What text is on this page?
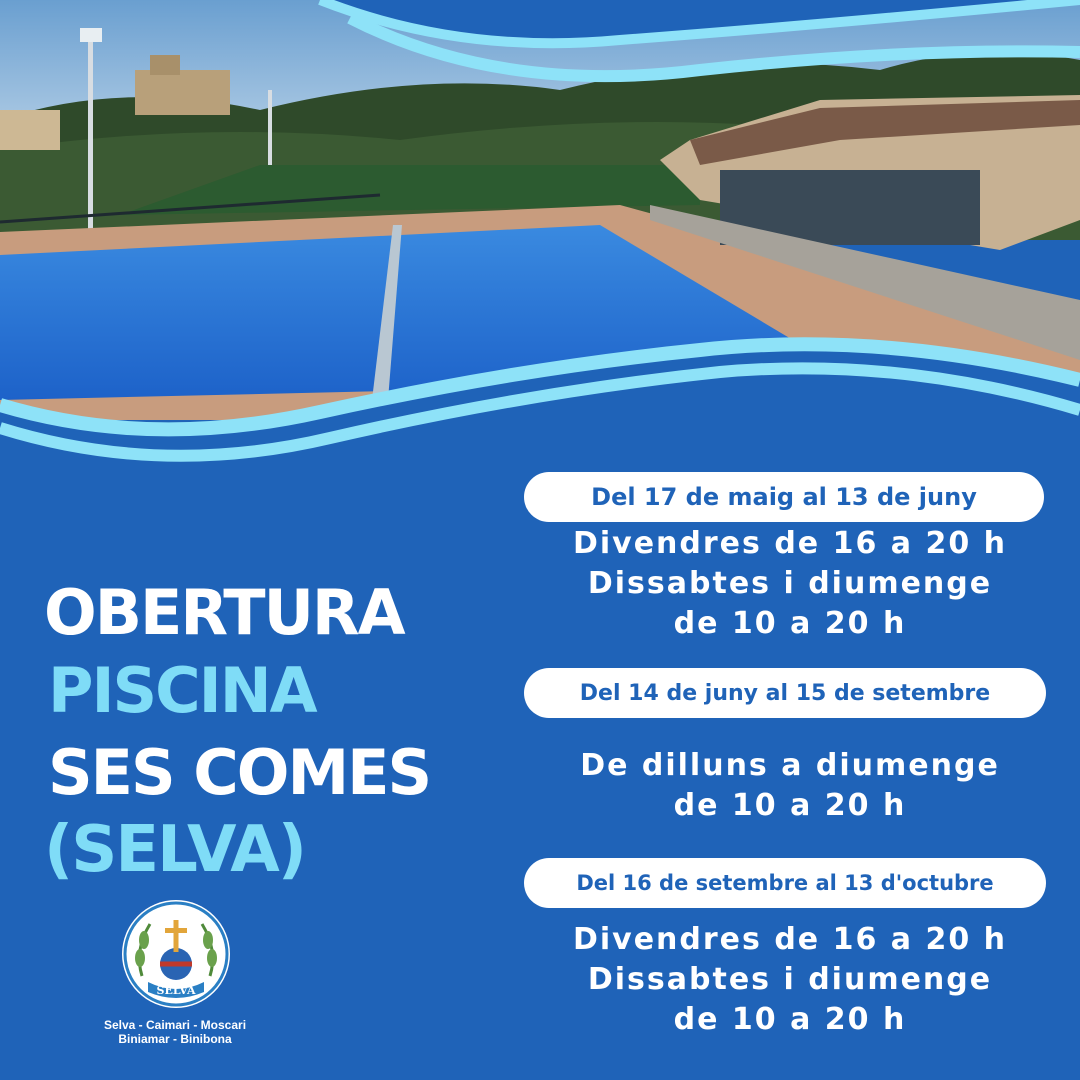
OBERTURA
PISCINA
SES COMES
(SELVA)
Del 17 de maig al 13 de juny
Divendres de 16 a 20 h
Dissabtes i diumenge
de 10 a 20 h
Del 14 de juny al 15 de setembre
De dilluns a diumenge
de 10 a 20 h
Del 16 de setembre al 13 d'octubre
Divendres de 16 a 20 h
Dissabtes i diumenge
de 10 a 20 h
SELVA
Selva - Caimari - Moscari
Biniamar - Binibona
